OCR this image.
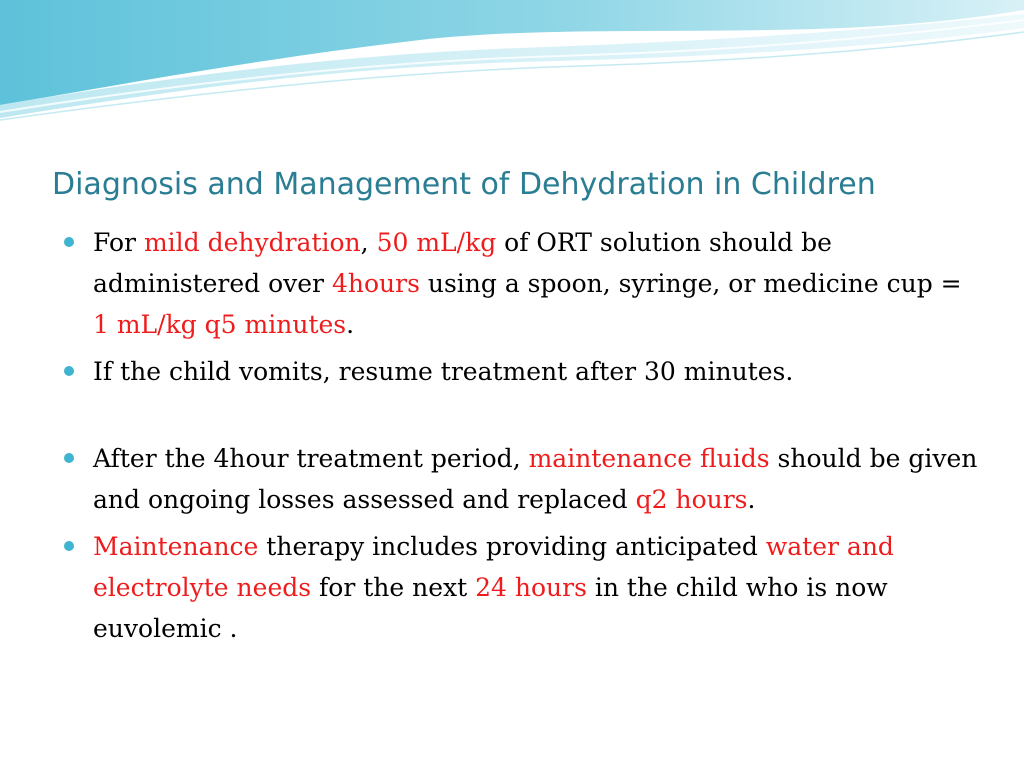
Diagnosis and Management of Dehydration in Children
For mild dehydration, 50 mL/kg of ORT solution should be administered over 4hours using a spoon, syringe, or medicine cup = 1 mL/kg q5 minutes.
If the child vomits, resume treatment after 30 minutes.
After the 4hour treatment period, maintenance fluids should be given and ongoing losses assessed and replaced q2 hours.
Maintenance therapy includes providing anticipated water and electrolyte needs for the next 24 hours in the child who is now euvolemic .
